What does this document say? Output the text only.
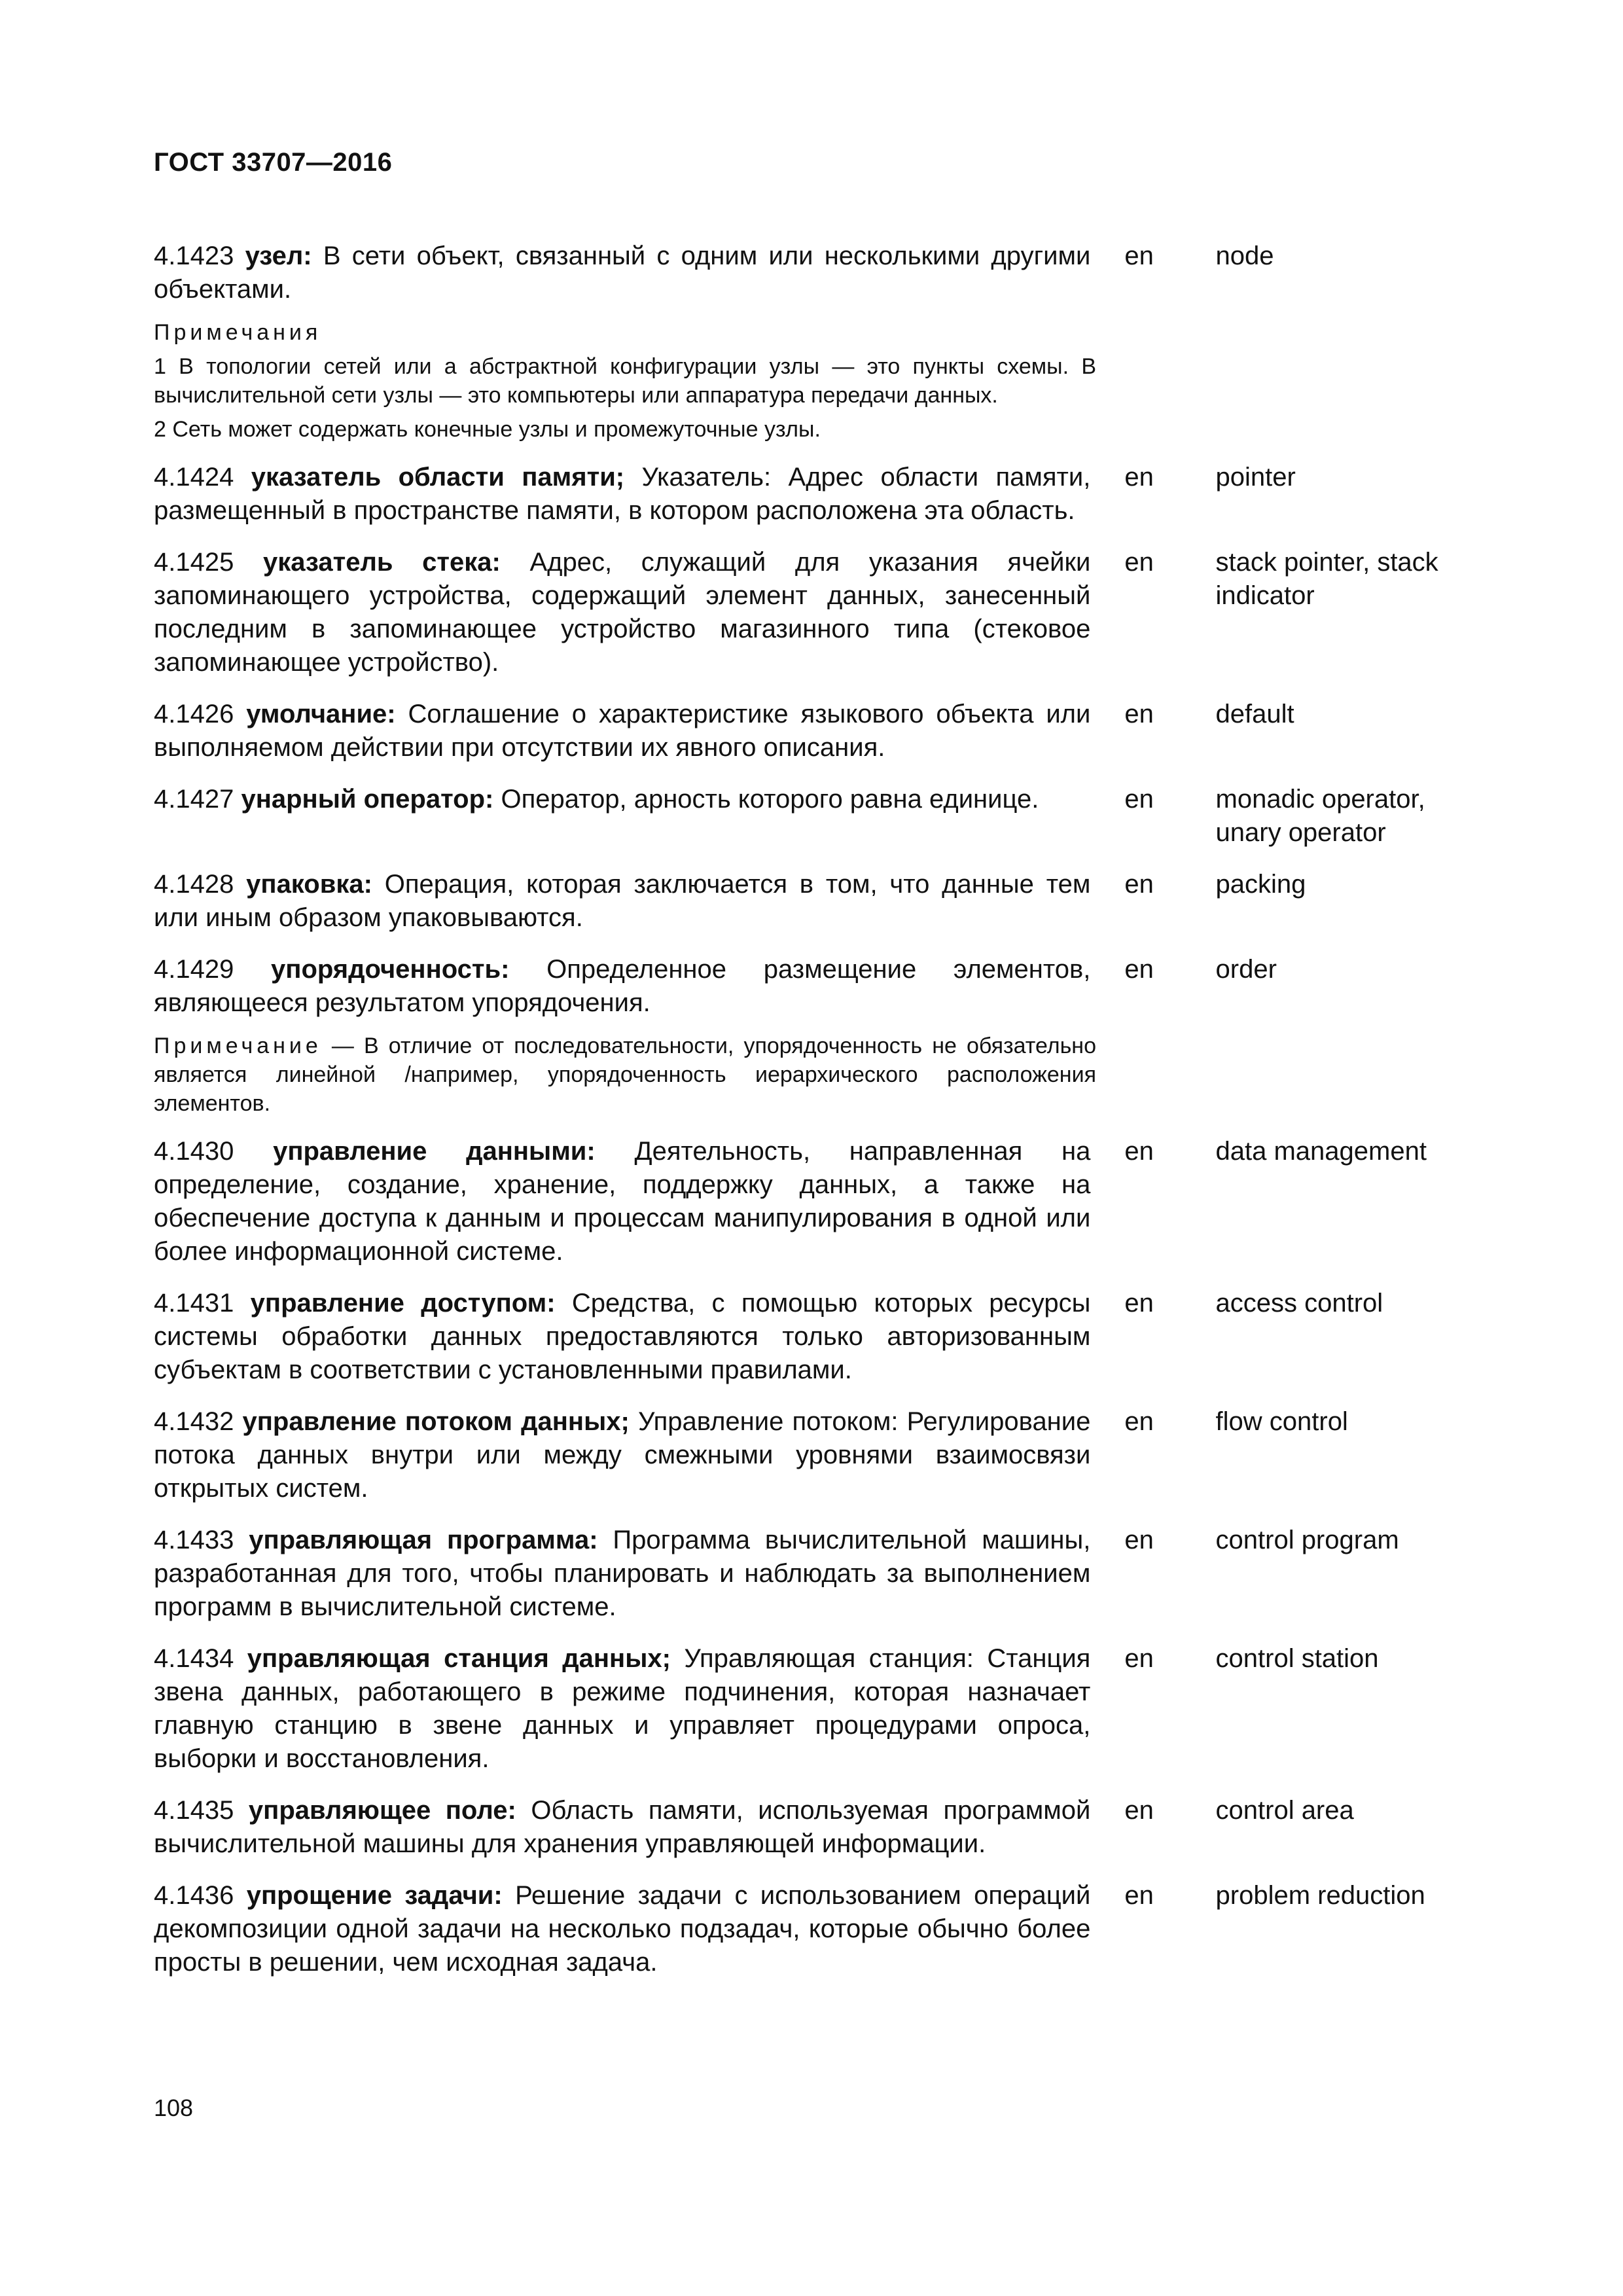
ГОСТ 33707—2016
4.1423 узел: В сети объект, связанный с одним или несколькими другими объектами.
en	node
Примечания
1 В топологии сетей или а абстрактной конфигурации узлы — это пункты схемы. В вычислительной сети узлы — это компьютеры или аппаратура передачи данных.
2 Сеть может содержать конечные узлы и промежуточные узлы.
4.1424 указатель области памяти; Указатель: Адрес области памяти, размещенный в пространстве памяти, в котором расположена эта область.
en	pointer
4.1425 указатель стека: Адрес, служащий для указания ячейки запоминающего устройства, содержащий элемент данных, занесенный последним в запоминающее устройство магазинного типа (стековое запоминающее устройство).
en	stack pointer, stack indicator
4.1426 умолчание: Соглашение о характеристике языкового объекта или выполняемом действии при отсутствии их явного описания.
en	default
4.1427 унарный оператор: Оператор, арность которого равна единице.	en	monadic operator, unary operator
4.1428 упаковка: Операция, которая заключается в том, что данные тем или иным образом упаковываются.
en	packing
4.1429 упорядоченность: Определенное размещение элементов, являющееся результатом упорядочения.
en	order
Примечание — В отличие от последовательности, упорядоченность не обязательно является линейной /например, упорядоченность иерархического расположения элементов.
4.1430 управление данными: Деятельность, направленная на определение, создание, хранение, поддержку данных, а также на обеспечение доступа к данным и процессам манипулирования в одной или более информационной системе.
en	data management
4.1431 управление доступом: Средства, с помощью которых ресурсы системы обработки данных предоставляются только авторизованным субъектам в соответствии с установленными правилами.
en	access control
4.1432 управление потоком данных; Управление потоком: Регулирование потока данных внутри или между смежными уровнями взаимосвязи открытых систем.
en	flow control
4.1433 управляющая программа: Программа вычислительной машины, разработанная для того, чтобы планировать и наблюдать за выполнением программ в вычислительной системе.
en	control program
4.1434 управляющая станция данных; Управляющая станция: Станция звена данных, работающего в режиме подчинения, которая назначает главную станцию в звене данных и управляет процедурами опроса, выборки и восстановления.
en	control station
4.1435 управляющее поле: Область памяти, используемая программой вычислительной машины для хранения управляющей информации.
en	control area
4.1436 упрощение задачи: Решение задачи с использованием операций декомпозиции одной задачи на несколько подзадач, которые обычно более просты в решении, чем исходная задача.
en	problem reduction
108
